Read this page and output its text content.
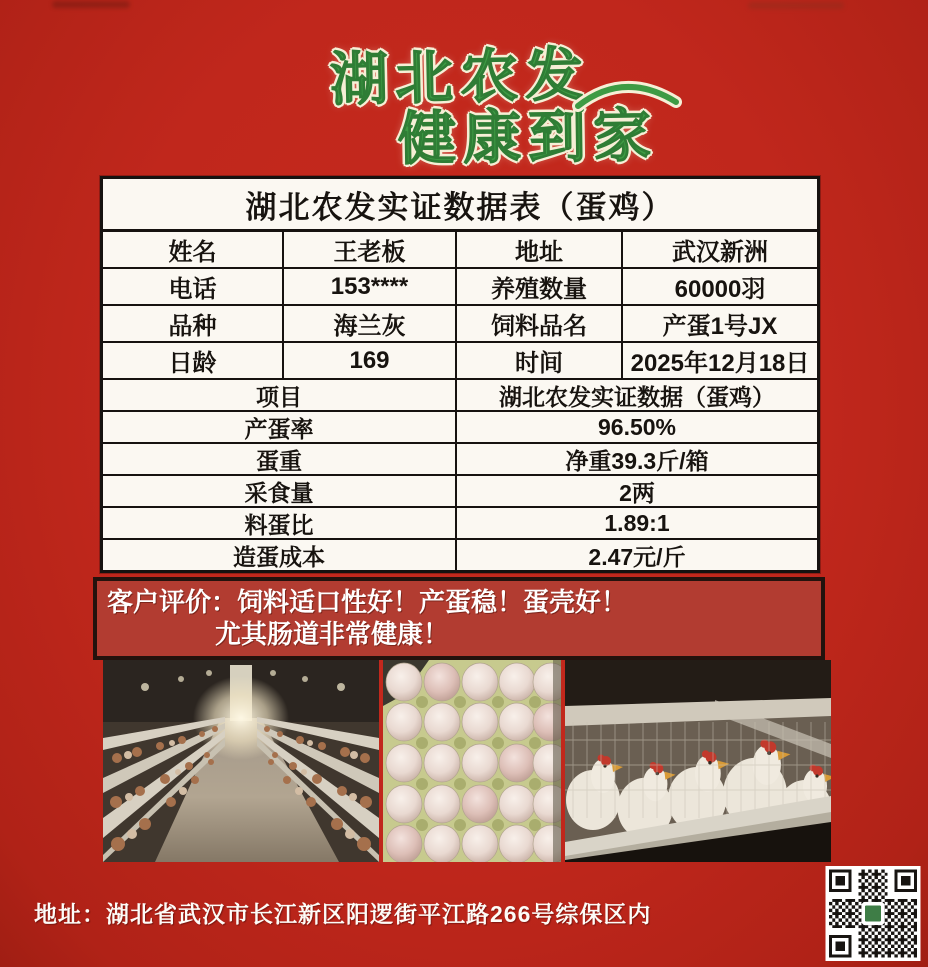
湖北农发
健康到家
湖北农发实证数据表（蛋鸡）
姓名	王老板	地址	武汉新洲
电话	153****	养殖数量	60000羽
品种	海兰灰	饲料品名	产蛋1号JX
日龄	169	时间	2025年12月18日
项目	湖北农发实证数据（蛋鸡）
产蛋率	96.50%
蛋重	净重39.3斤/箱
采食量	2两
料蛋比	1.89:1
造蛋成本	2.47元/斤
客户评价：饲料适口性好！产蛋稳！蛋壳好！
尤其肠道非常健康！
地址：湖北省武汉市长江新区阳逻街平江路266号综保区内
